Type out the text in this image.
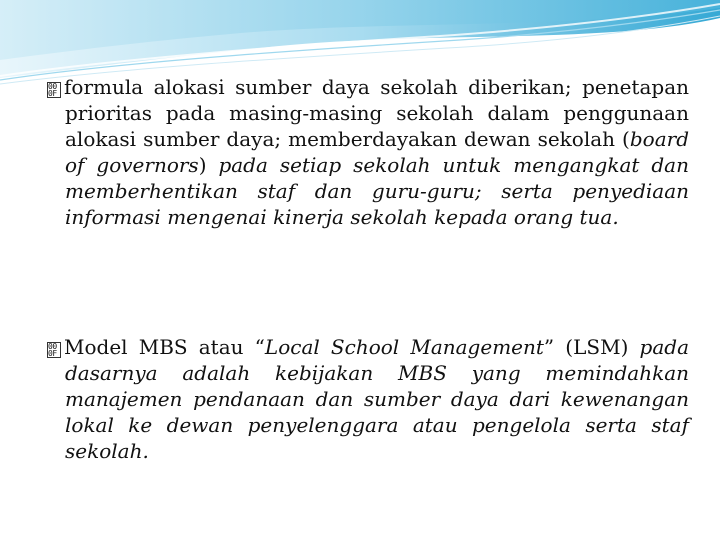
00
0F formula alokasi sumber daya sekolah diberikan; penetapan prioritas pada masing-masing sekolah dalam penggunaan alokasi sumber daya; memberdayakan dewan sekolah (board of governors) pada setiap sekolah untuk mengangkat dan memberhentikan staf dan guru-guru; serta penyediaan informasi mengenai kinerja sekolah kepada orang tua.
00
0F Model MBS atau “Local School Management” (LSM) pada dasarnya adalah kebijakan MBS yang memindahkan manajemen pendanaan dan sumber daya dari kewenangan lokal ke dewan penyelenggara atau pengelola serta staf sekolah.
